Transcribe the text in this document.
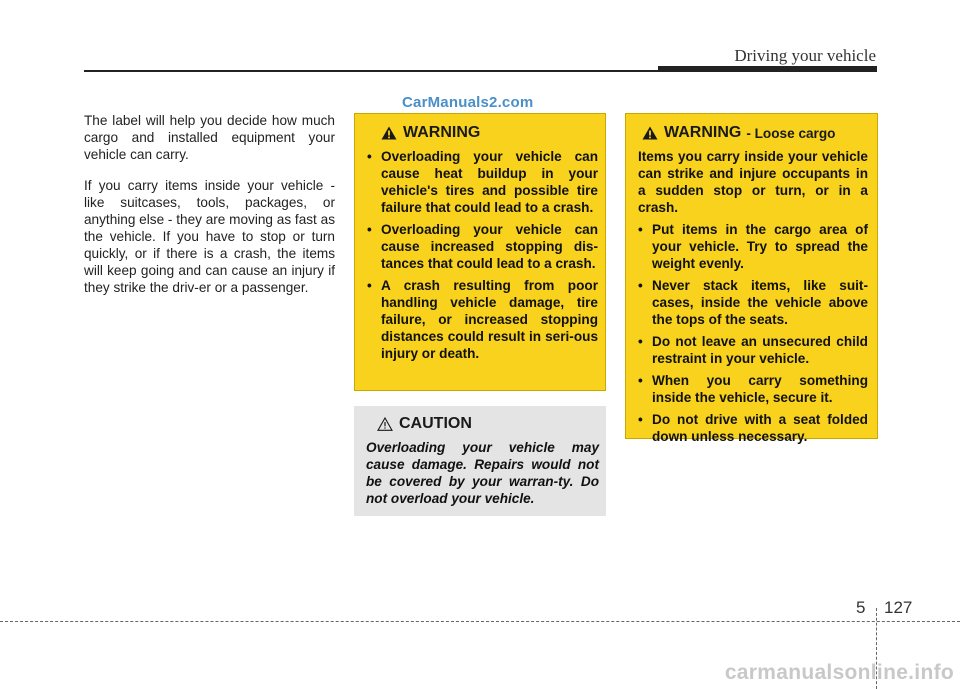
Driving your vehicle
CarManuals2.com

The label will help you decide how much cargo and installed equipment your vehicle can carry.

If you carry items inside your vehicle - like suitcases, tools, packages, or anything else - they are moving as fast as the vehicle. If you have to stop or turn quickly, or if there is a crash, the items will keep going and can cause an injury if they strike the driv-er or a passenger.

WARNING
• Overloading your vehicle can cause heat buildup in your vehicle's tires and possible tire failure that could lead to a crash.
• Overloading your vehicle can cause increased stopping dis-tances that could lead to a crash.
• A crash resulting from poor handling vehicle damage, tire failure, or increased stopping distances could result in seri-ous injury or death.
CAUTION
Overloading your vehicle may cause damage. Repairs would not be covered by your warran-ty. Do not overload your vehicle.
WARNING - Loose cargo

Items you carry inside your vehicle can strike and injure occupants in a sudden stop or turn, or in a crash.

• Put items in the cargo area of your vehicle. Try to spread the weight evenly.
• Never stack items, like suit-cases, inside the vehicle above the tops of the seats.
• Do not leave an unsecured child restraint in your vehicle.
• When you carry something inside the vehicle, secure it.
• Do not drive with a seat folded down unless necessary.
5 127
carmanualsonline.info
